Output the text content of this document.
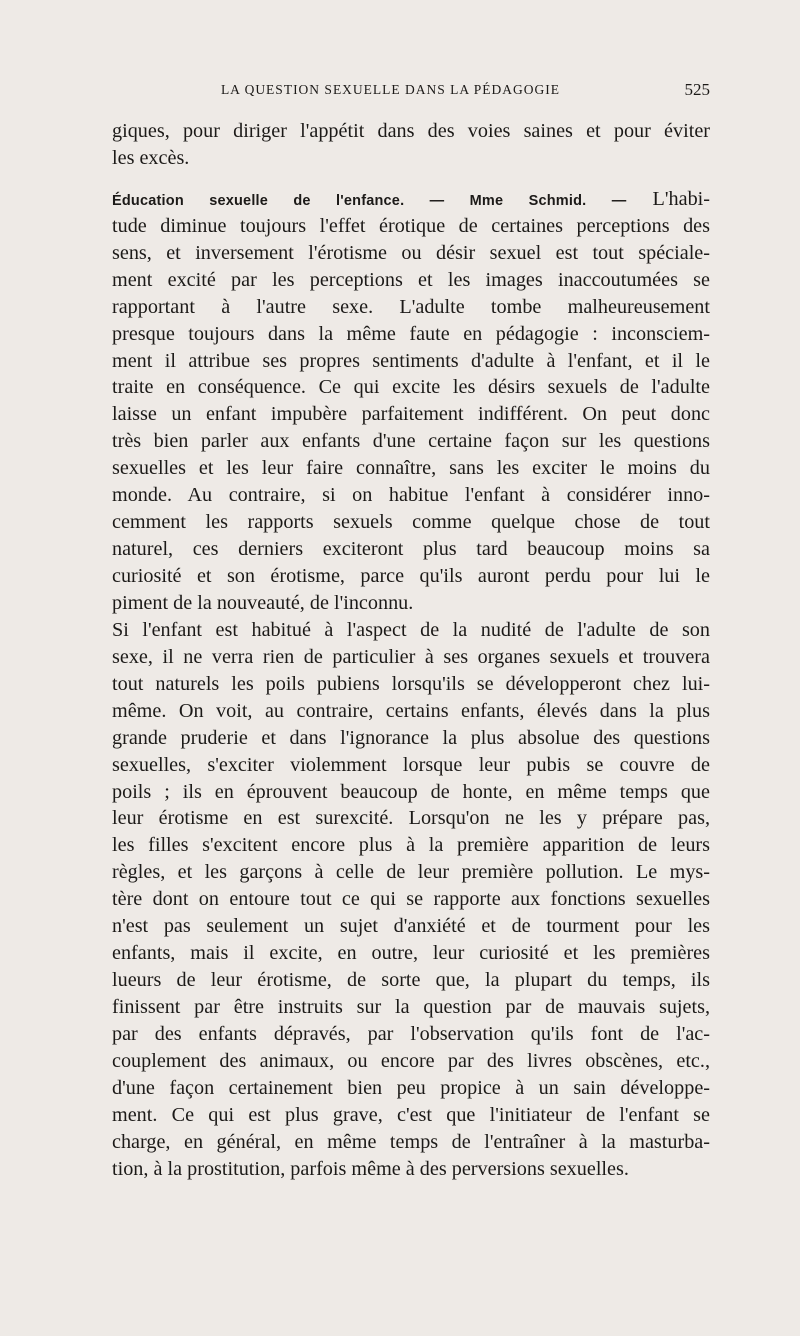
LA QUESTION SEXUELLE DANS LA PÉDAGOGIE	525
giques, pour diriger l'appétit dans des voies saines et pour éviter
les excès.
Éducation sexuelle de l'enfance. — Mme Schmid. — L'habi-
tude diminue toujours l'effet érotique de certaines perceptions des
sens, et inversement l'érotisme ou désir sexuel est tout spéciale-
ment excité par les perceptions et les images inaccoutumées se
rapportant à l'autre sexe. L'adulte tombe malheureusement
presque toujours dans la même faute en pédagogie : inconsciem-
ment il attribue ses propres sentiments d'adulte à l'enfant, et il le
traite en conséquence. Ce qui excite les désirs sexuels de l'adulte
laisse un enfant impubère parfaitement indifférent. On peut donc
très bien parler aux enfants d'une certaine façon sur les questions
sexuelles et les leur faire connaître, sans les exciter le moins du
monde. Au contraire, si on habitue l'enfant à considérer inno-
cemment les rapports sexuels comme quelque chose de tout
naturel, ces derniers exciteront plus tard beaucoup moins sa
curiosité et son érotisme, parce qu'ils auront perdu pour lui le
piment de la nouveauté, de l'inconnu.
Si l'enfant est habitué à l'aspect de la nudité de l'adulte de son
sexe, il ne verra rien de particulier à ses organes sexuels et trouvera
tout naturels les poils pubiens lorsqu'ils se développeront chez lui-
même. On voit, au contraire, certains enfants, élevés dans la plus
grande pruderie et dans l'ignorance la plus absolue des questions
sexuelles, s'exciter violemment lorsque leur pubis se couvre de
poils ; ils en éprouvent beaucoup de honte, en même temps que
leur érotisme en est surexcité. Lorsqu'on ne les y prépare pas,
les filles s'excitent encore plus à la première apparition de leurs
règles, et les garçons à celle de leur première pollution. Le mys-
tère dont on entoure tout ce qui se rapporte aux fonctions sexuelles
n'est pas seulement un sujet d'anxiété et de tourment pour les
enfants, mais il excite, en outre, leur curiosité et les premières
lueurs de leur érotisme, de sorte que, la plupart du temps, ils
finissent par être instruits sur la question par de mauvais sujets,
par des enfants dépravés, par l'observation qu'ils font de l'ac-
couplement des animaux, ou encore par des livres obscènes, etc.,
d'une façon certainement bien peu propice à un sain développe-
ment. Ce qui est plus grave, c'est que l'initiateur de l'enfant se
charge, en général, en même temps de l'entraîner à la masturba-
tion, à la prostitution, parfois même à des perversions sexuelles.
